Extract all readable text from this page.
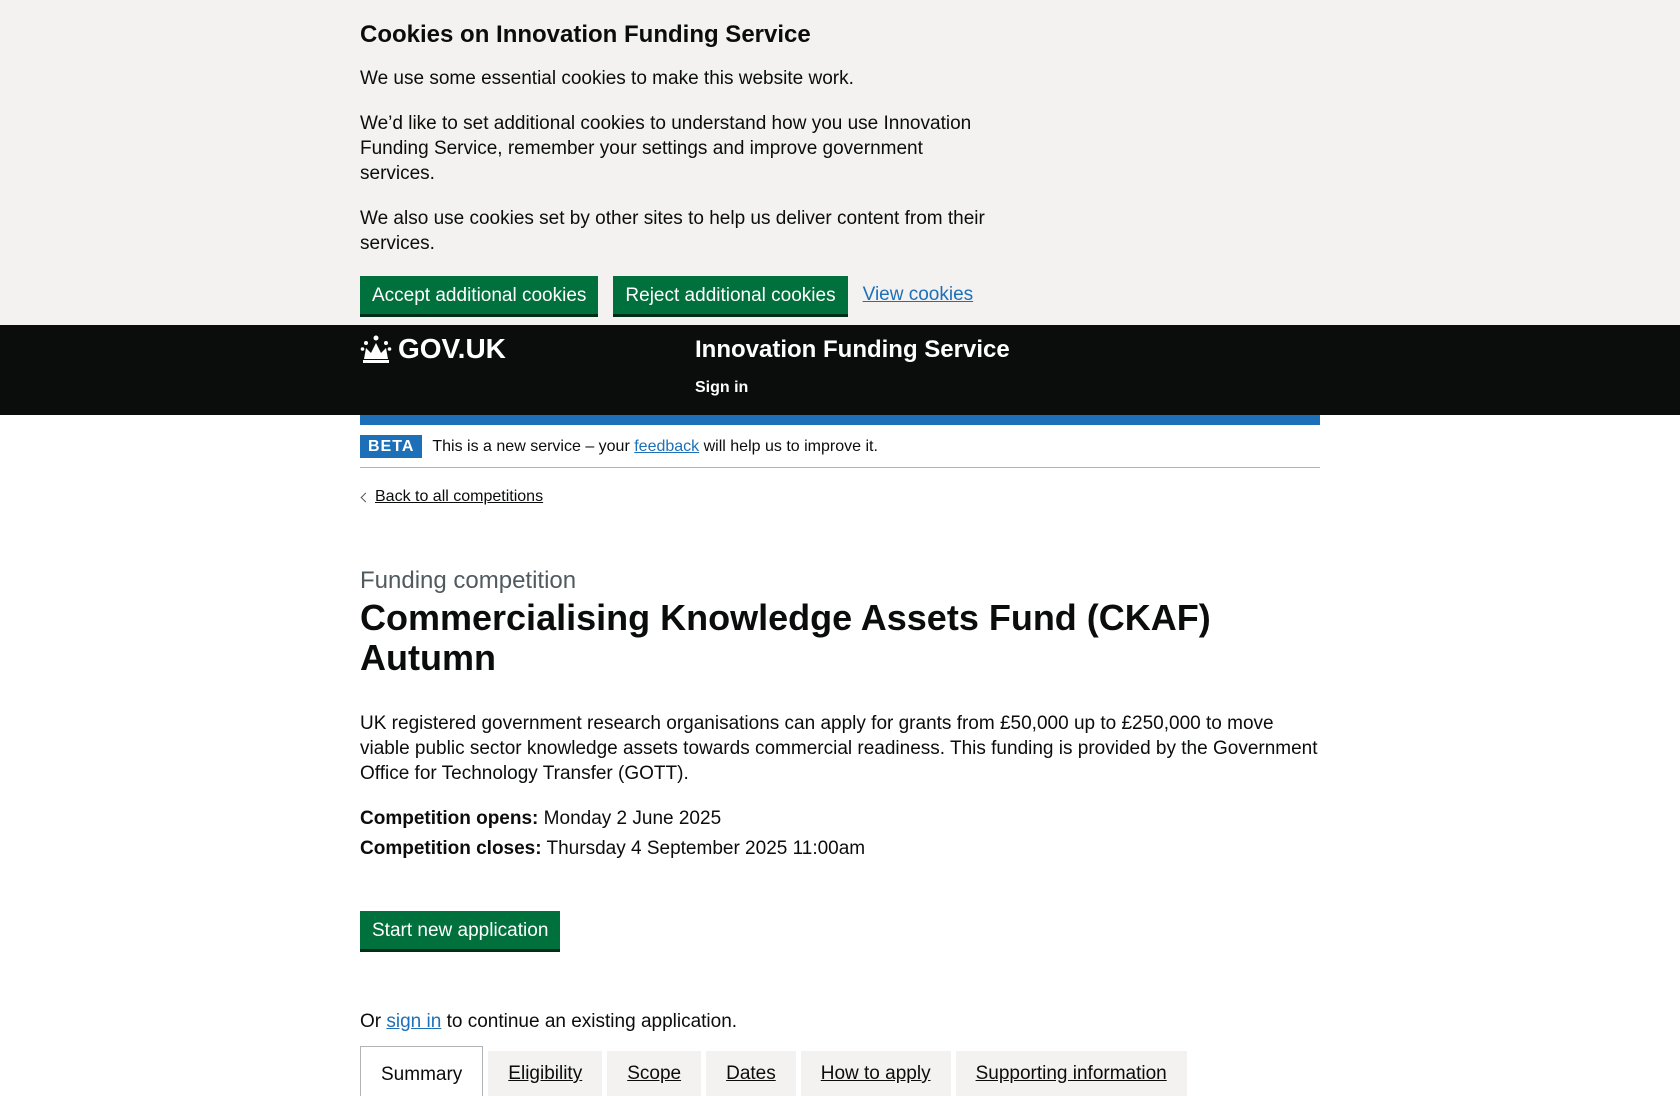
Cookies on Innovation Funding Service

We use some essential cookies to make this website work.

We’d like to set additional cookies to understand how you use Innovation Funding Service, remember your settings and improve government services.

We also use cookies set by other sites to help us deliver content from their services.

Accept additional cookies	Reject additional cookies	View cookies
GOV.UK	Innovation Funding Service
Sign in
BETA	This is a new service – your feedback will help us to improve it.
Back to all competitions
Funding competition
Commercialising Knowledge Assets Fund (CKAF) Autumn

UK registered government research organisations can apply for grants from £50,000 up to £250,000 to move viable public sector knowledge assets towards commercial readiness. This funding is provided by the Government Office for Technology Transfer (GOTT).

Competition opens: Monday 2 June 2025
Competition closes: Thursday 4 September 2025 11:00am
Start new application

Or sign in to continue an existing application.

Summary	Eligibility	Scope	Dates	How to apply	Supporting information
